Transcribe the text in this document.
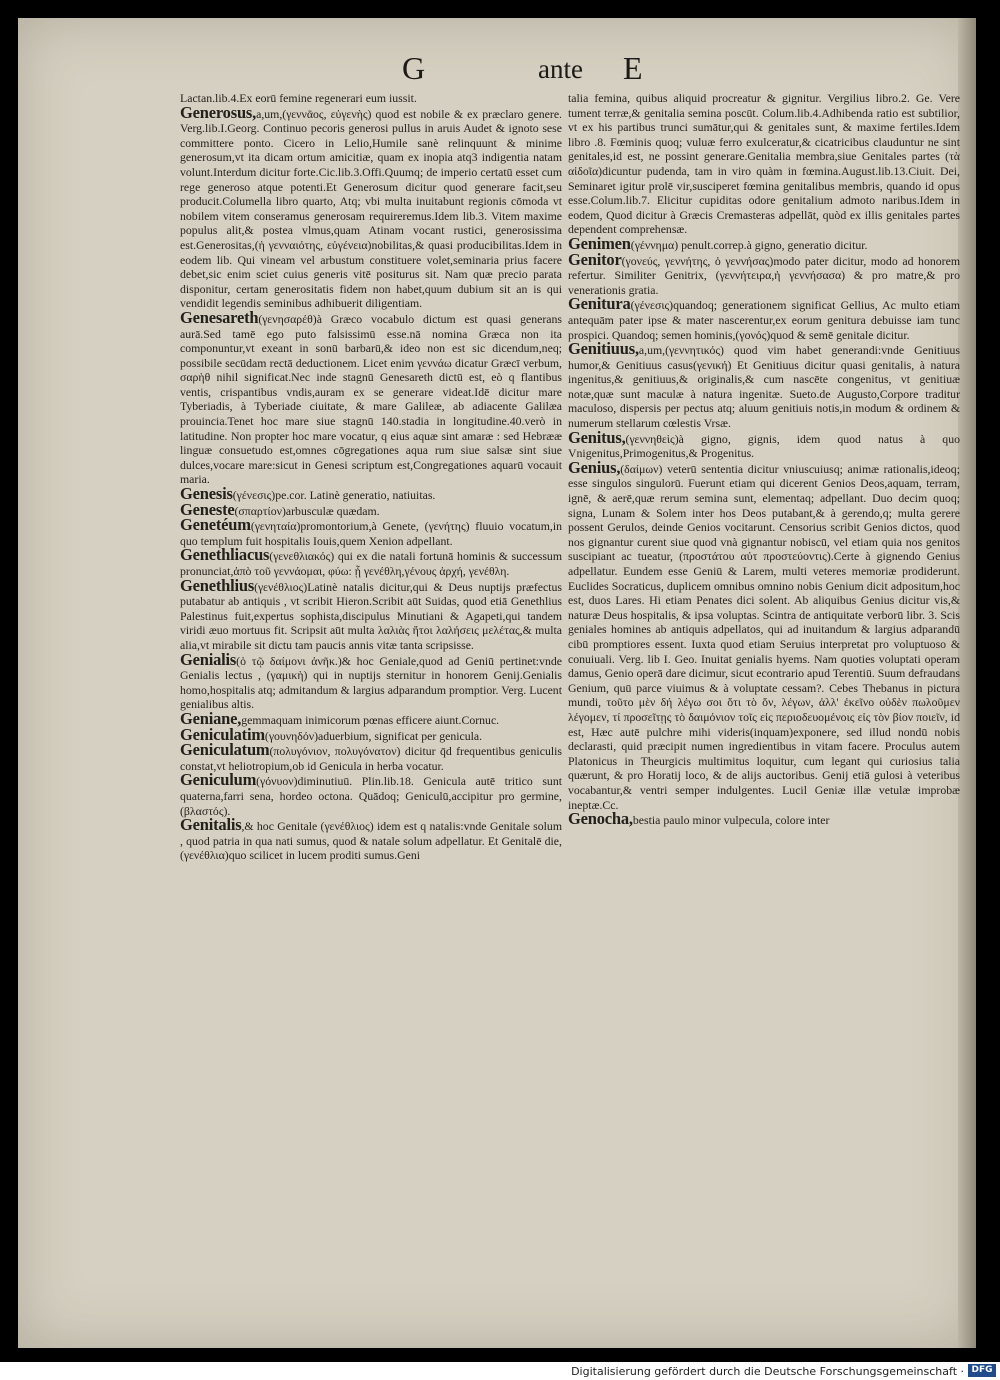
G	ante E
Lactan.lib.4.Ex eorū femine regenerari eum iussit.
Generosus,a,um,(γεννᾶος, εὐγενὴς) quod est nobile & ex præclaro genere. Verg.lib.I.Georg. Continuo pecoris generosi pullus in aruis Audet & ignoto sese committere ponto. Cicero in Lelio,Humile sanè relinquunt & minime generosum,vt ita dicam ortum amicitiæ, quam ex inopia atq3 indigentia natam volunt.Interdum dicitur forte.Cic.lib.3.Offi.Quumq; de imperio certatū esset cum rege generoso atque potenti.Et Generosum dicitur quod generare facit,seu producit.Columella libro quarto, Atq; vbi multa inuitabunt regionis cōmoda vt nobilem vitem conseramus generosam requireremus.Idem lib.3. Vitem maxime populus alit,& postea vlmus,quam Atinam vocant rustici, generosissima est.Generositas,(ἡ γενναιότης, εὐγένεια)nobilitas,& quasi producibilitas.Idem in eodem lib. Qui vineam vel arbustum constituere volet,seminaria prius facere debet,sic enim sciet cuius generis vitē positurus sit. Nam quæ precio parata disponitur, certam generositatis fidem non habet,quum dubium sit an is qui vendidit legendis seminibus adhibuerit diligentiam.
Genesareth(γενησαρέθ)à Græco vocabulo dictum est quasi generans aurā.Sed tamē ego puto falsissimū esse.nā nomina Græca non ita componuntur,vt exeant in sonū barbarū,& ideo non est sic dicendum,neq; possibile secūdam rectā deductionem. Licet enim γεννάω dicatur Græcī verbum, σαρὴθ nihil significat.Nec inde stagnū Genesareth dictū est, eò q flantibus ventis, crispantibus vndis,auram ex se generare videat.Idē dicitur mare Tyberiadis, à Tyberiade ciuitate, & mare Galileæ, ab adiacente Galilæa prouincia.Tenet hoc mare siue stagnū 140.stadia in longitudine.40.verò in latitudine. Non propter hoc mare vocatur, q eius aquæ sint amaræ : sed Hebrææ linguæ consuetudo est,omnes cōgregationes aqua rum siue salsæ sint siue dulces,vocare mare:sicut in Genesi scriptum est,Congregationes aquarū vocauit maria.
Genesis(γένεσις)pe.cor. Latinè generatio, natiuitas.
Geneste(σπαρτίον)arbusculæ quædam.
Genetéum(γενηταία)promontorium,à Genete, (γενήτης) fluuio vocatum,in quo templum fuit hospitalis Iouis,quem Xenion adpellant.
Genethliacus(γενεθλιακός) qui ex die natali fortunā hominis & successum pronunciat,ἀπὸ τοῦ γεννάομαι, φύω: ᾗ γενέθλη,γένους ἀρχή, γενέθλη.
Genethlius(γενέθλιος)Latinè natalis dicitur,qui & Deus nuptijs præfectus putabatur ab antiquis , vt scribit Hieron.Scribit aūt Suidas, quod etiā Genethlius Palestinus fuit,expertus sophista,discipulus Minutiani & Agapeti,qui tandem viridi æuo mortuus fit. Scripsit aūt multa λαλιὰς ἤτοι λαλήσεις μελέτας,& multa alia,vt mirabile sit dictu tam paucis annis vitæ tanta scripsisse.
Genialis(ὁ τῷ δαίμονι ἀνῆκ.)& hoc Geniale,quod ad Geniū pertinet:vnde Genialis lectus , (γαμικὴ) qui in nuptijs sternitur in honorem Genij.Genialis homo,hospitalis atq; admitandum & largius adparandum promptior. Verg. Lucent genialibus altis.
Geniane,gemmaquam inimicorum pœnas efficere aiunt.Cornuc.
Geniculatim(γουνηδόν)aduerbium, significat per genicula.
Geniculatum(πολυγόνιον, πολυγόνατον) dicitur q̄d frequentibus geniculis constat,vt heliotropium,ob id Genicula in herba vocatur.
Geniculum(γόνυον)diminutiuū. Plin.lib.18. Genicula autē tritico sunt quaterna,farri sena, hordeo octona. Quādoq; Geniculū,accipitur pro germine, (βλαστός).
Genitalis,& hoc Genitale (γενέθλιος) idem est q natalis:vnde Genitale solum , quod patria in qua nati sumus, quod & natale solum adpellatur. Et Genitalē die, (γενέθλια)quo scilicet in lucem proditi sumus.Geni
talia femina, quibus aliquid procreatur & gignitur. Vergilius libro.2. Ge. Vere tument terræ,& genitalia semina poscūt. Colum.lib.4.Adhibenda ratio est subtilior, vt ex his partibus trunci sumātur,qui & genitales sunt, & maxime fertiles.Idem libro .8. Fœminis quoq; vuluæ ferro exulceratur,& cicatricibus clauduntur ne sint genitales,id est, ne possint generare.Genitalia membra,siue Genitales partes (τὰ αἰδοῖα)dicuntur pudenda, tam in viro quàm in fœmina.August.lib.13.Ciuit. Dei, Seminaret igitur prolē vir,susciperet fœmina genitalibus membris, quando id opus esse.Colum.lib.7. Elicitur cupiditas odore genitalium admoto naribus.Idem in eodem, Quod dicitur à Græcis Cremasteras adpellāt, quòd ex illis genitales partes dependent comprehensæ.
Genimen(γέννημα) penult.correp.à gigno, generatio dicitur.
Genitor(γονεύς, γεννήτης, ὁ γεννήσας)modo pater dicitur, modo ad honorem refertur. Similiter Genitrix, (γεννήτειρα,ἡ γεννήσασα) & pro matre,& pro venerationis gratia.
Genitura(γένεσις)quandoq; generationem significat Gellius, Ac multo etiam antequām pater ipse & mater nascerentur,ex eorum genitura debuisse iam tunc prospici. Quandoq; semen hominis,(γονός)quod & semē genitale dicitur.
Genitiuus,a,um,(γεννητικός) quod vim habet generandi:vnde Genitiuus humor,& Genitiuus casus(γενική) Et Genitiuus dicitur quasi genitalis, à natura ingenitus,& genitiuus,& originalis,& cum nascēte congenitus, vt genitiuæ notæ,quæ sunt maculæ à natura ingenitæ. Sueto.de Augusto,Corpore traditur maculoso, dispersis per pectus atq; aluum genitiuis notis,in modum & ordinem & numerum stellarum cœlestis Vrsæ.
Genitus,(γεννηθεὶς)à gigno, gignis, idem quod natus à quo Vnigenitus,Primogenitus,& Progenitus.
Genius,(δαίμων) veterū sententia dicitur vniuscuiusq; animæ rationalis,ideoq; esse singulos singulorū. Fuerunt etiam qui dicerent Genios Deos,aquam, terram, ignē, & aerē,quæ rerum semina sunt, elementaq; adpellant. Duo decim quoq; signa, Lunam & Solem inter hos Deos putabant,& à gerendo,q; multa gerere possent Gerulos, deinde Genios vocitarunt. Censorius scribit Genios dictos, quod nos gignantur curent siue quod vnà gignantur nobiscū, vel etiam quia nos genitos suscipiant ac tueatur, (προστάτου αὐτ προστεύοντις).Certe à gignendo Genius adpellatur. Eundem esse Geniū & Larem, multi veteres memoriæ prodiderunt. Euclides Socraticus, duplicem omnibus omnino nobis Genium dicit adpositum,hoc est, duos Lares. Hi etiam Penates dici solent. Ab aliquibus Genius dicitur vis,& naturæ Deus hospitalis, & ipsa voluptas. Scintra de antiquitate verborū libr. 3. Scis geniales homines ab antiquis adpellatos, qui ad inuitandum & largius adparandū cibū promptiores essent. Iuxta quod etiam Seruius interpretat pro voluptuoso & conuiuali. Verg. lib I. Geo. Inuitat genialis hyems. Nam quoties voluptati operam damus, Genio operā dare dicimur, sicut econtrario apud Terentiū. Suum defraudans Genium, quū parce viuimus & à voluptate cessam?. Cebes Thebanus in pictura mundi, τοῦτο μὲν δή λέγω σοι ὅτι τὸ ὄν, λέγων, ἀλλ' ἐκεῖνο οὐδὲν πωλοῦμεν λέγομεν, τί προσεῖτῃς τὸ δαιμόνιον τοῖς εἰς περιοδευομένοις εἰς τὸν βίον ποιεῖν, id est, Hæc autē pulchre mihi videris(inquam)exponere, sed illud nondū nobis declarasti, quid præcipit numen ingredientibus in vitam facere. Proculus autem Platonicus in Theurgicis multimitus loquitur, cum legant qui curiosius talia quærunt, & pro Horatij loco, & de alijs auctoribus. Genij etiā gulosi à veteribus vocabantur,& ventri semper indulgentes. Lucil Geniæ illæ vetulæ improbæ ineptæ.Cc.
Genocha,bestia paulo minor vulpecula, colore inter
Digitalisierung gefördert durch die Deutsche Forschungsgemeinschaft · DFG
